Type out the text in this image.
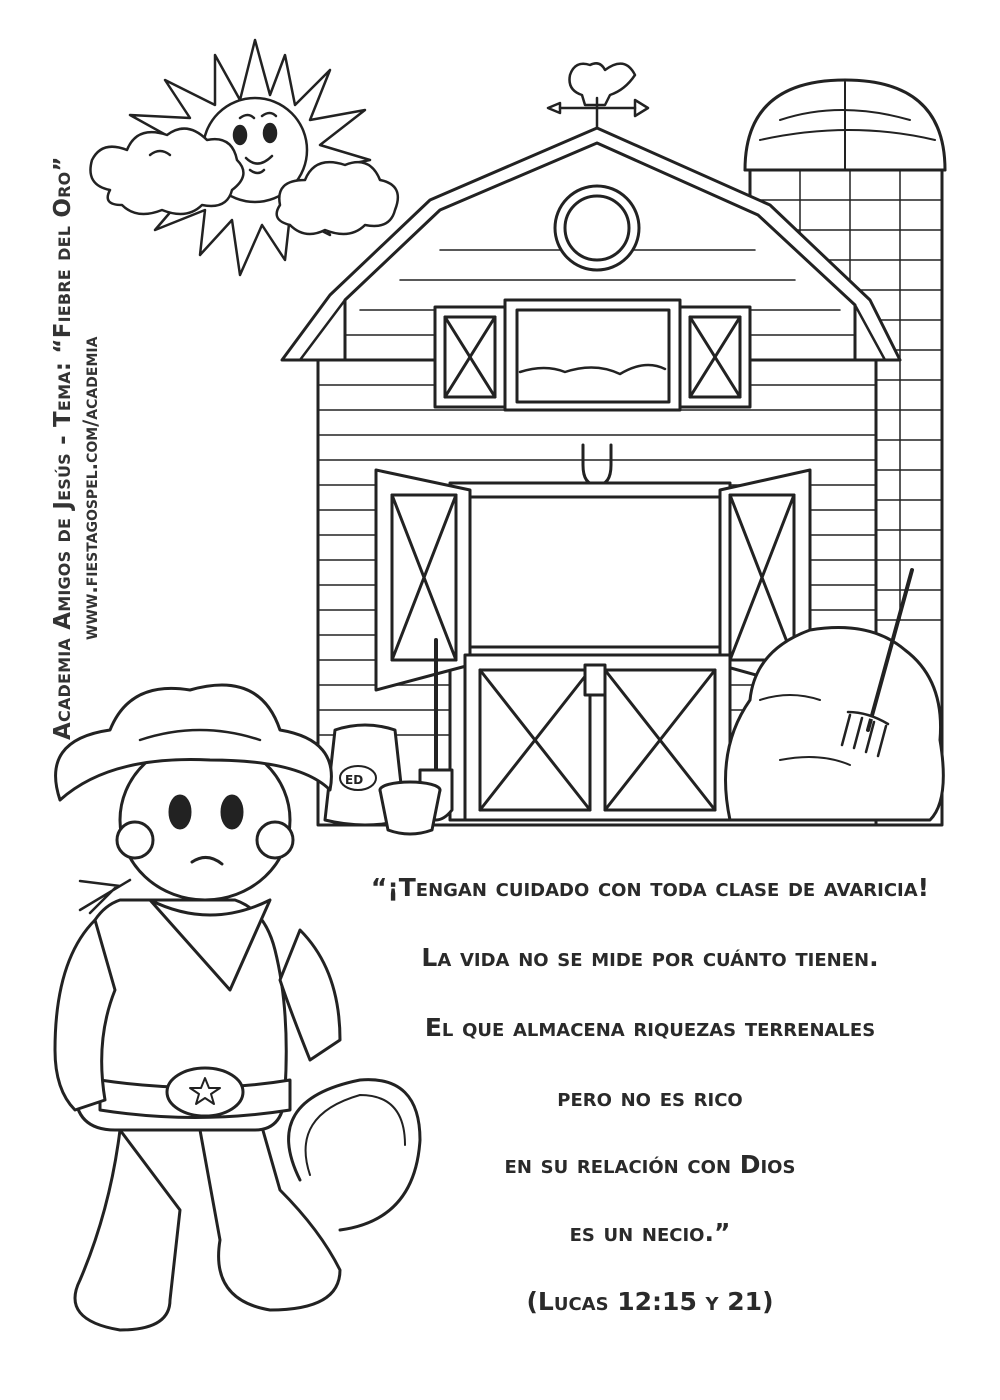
Academia Amigos de Jesús - Tema: “Fiebre del Oro” www.fiestagospel.com/academia
ED
“¡Tengan cuidado con toda clase de avaricia!
La vida no se mide por cuánto tienen.
El que almacena riquezas terrenales
pero no es rico
en su relación con Dios
es un necio.”
(Lucas 12:15 y 21)
